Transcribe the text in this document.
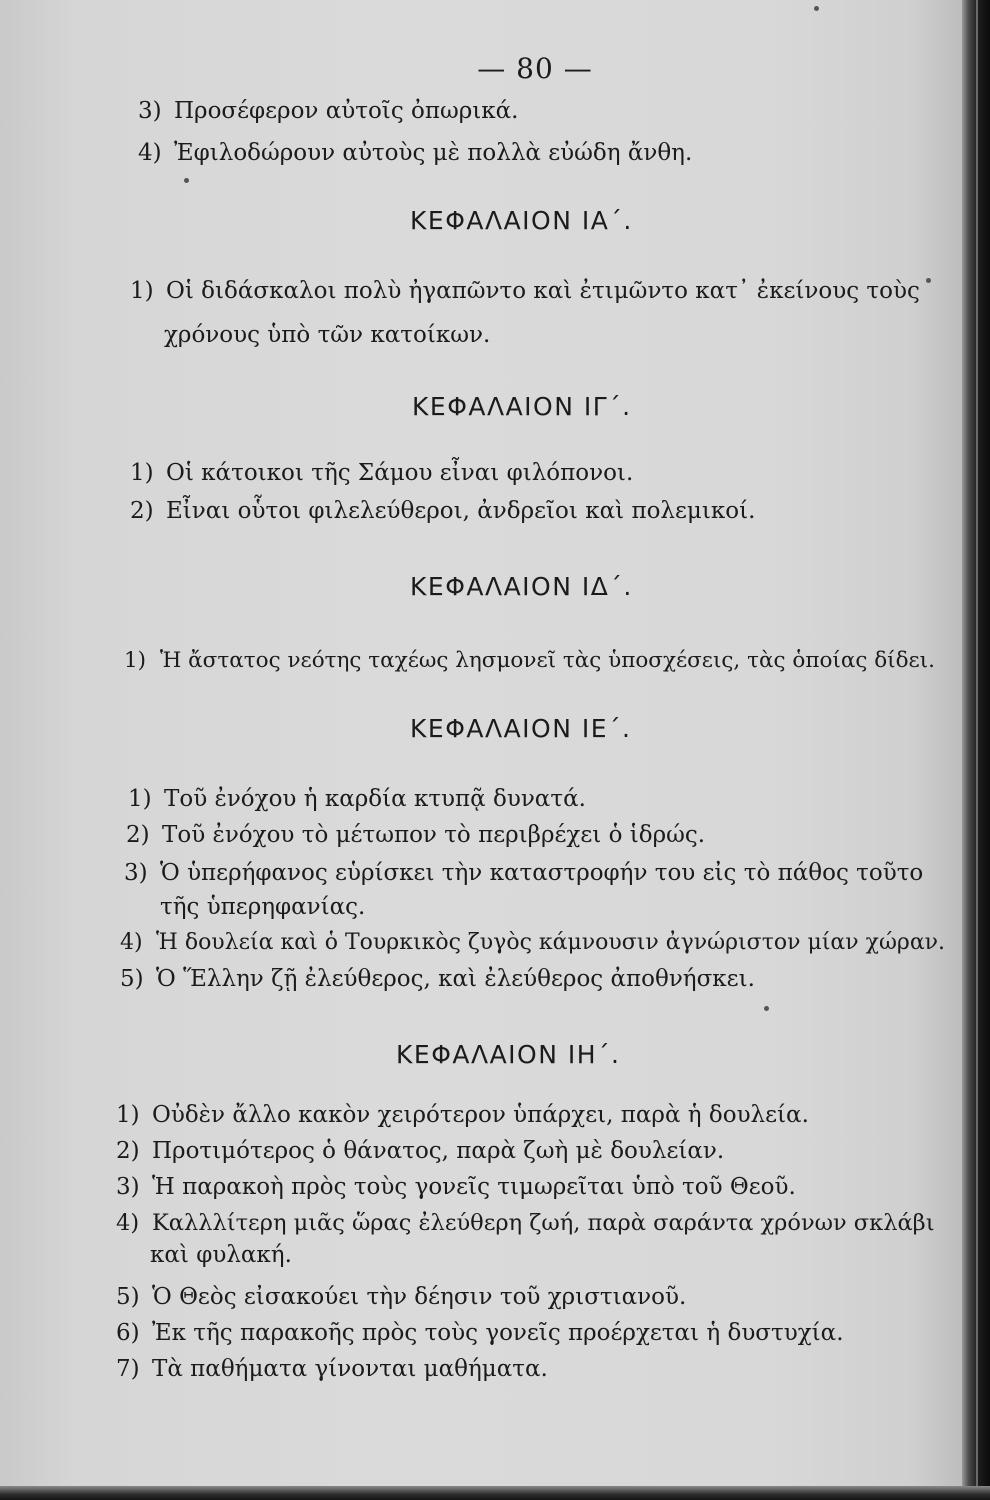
— 80 —
3) Προσέφερον αὐτοῖς ὀπωρικά.
4) Ἐφιλοδώρουν αὐτοὺς μὲ πολλὰ εὐώδη ἄνθη.
ΚΕΦΑΛΑΙΟΝ ΙΑ΄.
1) Οἱ διδάσκαλοι πολὺ ἠγαπῶντο καὶ ἐτιμῶντο κατ᾿ ἐκείνους τοὺς
χρόνους ὑπὸ τῶν κατοίκων.
ΚΕΦΑΛΑΙΟΝ ΙΓ΄.
1) Οἱ κάτοικοι τῆς Σάμου εἶναι φιλόπονοι.
2) Εἶναι οὗτοι φιλελεύθεροι, ἀνδρεῖοι καὶ πολεμικοί.
ΚΕΦΑΛΑΙΟΝ ΙΔ΄.
1) Ἡ ἄστατος νεότης ταχέως λησμονεῖ τὰς ὑποσχέσεις, τὰς ὁποίας δίδει.
ΚΕΦΑΛΑΙΟΝ ΙΕ΄.
1) Τοῦ ἐνόχου ἡ καρδία κτυπᾷ δυνατά.
2) Τοῦ ἐνόχου τὸ μέτωπον τὸ περιβρέχει ὁ ἱδρώς.
3) Ὁ ὑπερήφανος εὑρίσκει τὴν καταστροφήν του εἰς τὸ πάθος τοῦτο
τῆς ὑπερηφανίας.
4) Ἡ δουλεία καὶ ὁ Τουρκικὸς ζυγὸς κάμνουσιν ἀγνώριστον μίαν χώραν.
5) Ὁ Ἕλλην ζῇ ἐλεύθερος, καὶ ἐλεύθερος ἀποθνήσκει.
ΚΕΦΑΛΑΙΟΝ ΙΗ΄.
1) Οὐδὲν ἄλλο κακὸν χειρότερον ὑπάρχει, παρὰ ἡ δουλεία.
2) Προτιμότερος ὁ θάνατος, παρὰ ζωὴ μὲ δουλείαν.
3) Ἡ παρακοὴ πρὸς τοὺς γονεῖς τιμωρεῖται ὑπὸ τοῦ Θεοῦ.
4) Καλλλίτερη μιᾶς ὥρας ἐλεύθερη ζωή, παρὰ σαράντα χρόνων σκλάβι
καὶ φυλακή.
5) Ὁ Θεὸς εἰσακούει τὴν δέησιν τοῦ χριστιανοῦ.
6) Ἐκ τῆς παρακοῆς πρὸς τοὺς γονεῖς προέρχεται ἡ δυστυχία.
7) Τὰ παθήματα γίνονται μαθήματα.
